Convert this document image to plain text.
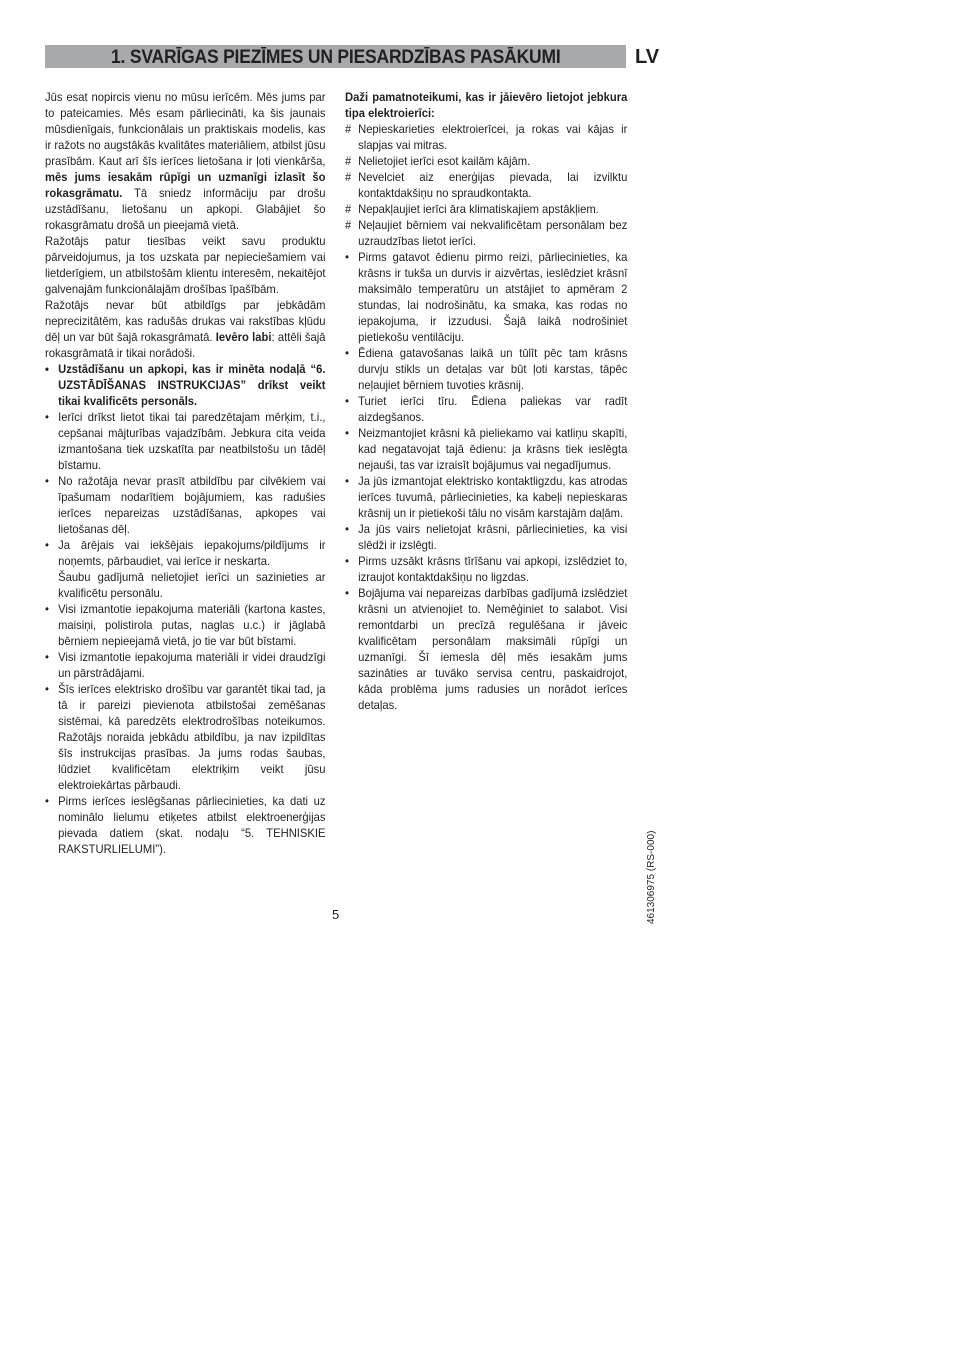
1. SVARĪGAS PIEZĪMES UN PIESARDZĪBAS PASĀKUMI	LV

Jūs esat nopircis vienu no mūsu ierīcēm. Mēs jums par to pateicamies. Mēs esam pārliecināti, ka šis jaunais mūsdienīgais, funkcionālais un praktiskais modelis, kas ir ražots no augstākās kvalitātes materiāliem, atbilst jūsu prasībām. Kaut arī šīs ierīces lietošana ir ļoti vienkārša, mēs jums iesakām rūpīgi un uzmanīgi izlasīt šo rokasgrāmatu. Tā sniedz informāciju par drošu uzstādīšanu, lietošanu un apkopi. Glabājiet šo rokasgrāmatu drošā un pieejamā vietā.

Ražotājs patur tiesības veikt savu produktu pārveidojumus, ja tos uzskata par nepieciešamiem vai lietderīgiem, un atbilstošām klientu interesēm, nekaitējot galvenajām funkcionālajām drošības īpašībām.

Ražotājs nevar būt atbildīgs par jebkādām neprecizitātēm, kas radušās drukas vai rakstības kļūdu dēļ un var būt šajā rokasgrāmatā. Ievēro labi: attēli šajā rokasgrāmatā ir tikai norādoši.

• Uzstādīšanu un apkopi, kas ir minēta nodaļā “6. UZSTĀDĪŠANAS INSTRUKCIJAS” drīkst veikt tikai kvalificēts personāls.
• Ierīci drīkst lietot tikai tai paredzētajam mērķim, t.i., cepšanai mājturības vajadzībām. Jebkura cita veida izmantošana tiek uzskatīta par neatbilstošu un tādēļ bīstamu.
• No ražotāja nevar prasīt atbildību par cilvēkiem vai īpašumam nodarītiem bojājumiem, kas radušies ierīces nepareizas uzstādīšanas, apkopes vai lietošanas dēļ.
• Ja ārējais vai iekšējais iepakojums/pildījums ir noņemts, pārbaudiet, vai ierīce ir neskarta.
Šaubu gadījumā nelietojiet ierīci un sazinieties ar kvalificētu personālu.
• Visi izmantotie iepakojuma materiāli (kartona kastes, maisiņi, polistirola putas, naglas u.c.) ir jāglabā bērniem nepieejamā vietā, jo tie var būt bīstami.
• Visi izmantotie iepakojuma materiāli ir videi draudzīgi un pārstrādājami.
• Šīs ierīces elektrisko drošību var garantēt tikai tad, ja tā ir pareizi pievienota atbilstošai zemēšanas sistēmai, kā paredzēts elektrodrošības noteikumos. Ražotājs noraida jebkādu atbildību, ja nav izpildītas šīs instrukcijas prasības. Ja jums rodas šaubas, lūdziet kvalificētam elektriķim veikt jūsu elektroiekārtas pārbaudi.
• Pirms ierīces ieslēgšanas pārliecinieties, ka dati uz nominālo lielumu etiķetes atbilst elektroenerģijas pievada datiem (skat. nodaļu “5. TEHNISKIE RAKSTURLIELUMI”).

Daži pamatnoteikumi, kas ir jāievēro lietojot jebkura tipa elektroierīci:

# Nepieskarieties elektroierīcei, ja rokas vai kājas ir slapjas vai mitras.
# Nelietojiet ierīci esot kailām kājām.
# Nevelciet aiz enerģijas pievada, lai izvilktu kontaktdakšiņu no spraudkontakta.
# Nepakļaujiet ierīci āra klimatiskajiem apstākļiem.
# Neļaujiet bērniem vai nekvalificētam personālam bez uzraudzības lietot ierīci.
• Pirms gatavot ēdienu pirmo reizi, pārliecinieties, ka krāsns ir tukša un durvis ir aizvērtas, ieslēdziet krāsnī maksimālo temperatūru un atstājiet to apmēram 2 stundas, lai nodrošinātu, ka smaka, kas rodas no iepakojuma, ir izzudusi. Šajā laikā nodrošiniet pietiekošu ventilāciju.
• Ēdiena gatavošanas laikā un tūlīt pēc tam krāsns durvju stikls un detaļas var būt ļoti karstas, tāpēc neļaujiet bērniem tuvoties krāsnij.
• Turiet ierīci tīru. Ēdiena paliekas var radīt aizdegšanos.
• Neizmantojiet krāsni kā pieliekamo vai katliņu skapīti, kad negatavojat tajā ēdienu: ja krāsns tiek ieslēgta nejauši, tas var izraisīt bojājumus vai negadījumus.
• Ja jūs izmantojat elektrisko kontaktligzdu, kas atrodas ierīces tuvumā, pārliecinieties, ka kabeļi nepieskaras krāsnij un ir pietiekoši tālu no visām karstajām daļām.
• Ja jūs vairs nelietojat krāsni, pārliecinieties, ka visi slēdži ir izslēgti.
• Pirms uzsākt krāsns tīrīšanu vai apkopi, izslēdziet to, izraujot kontaktdakšiņu no ligzdas.
• Bojājuma vai nepareizas darbības gadījumā izslēdziet krāsni un atvienojiet to. Nemēģiniet to salabot. Visi remontdarbi un precīzā regulēšana ir jāveic kvalificētam personālam maksimāli rūpīgi un uzmanīgi. Šī iemesla dēļ mēs iesakām jums sazināties ar tuvāko servisa centru, paskaidrojot, kāda problēma jums radusies un norādot ierīces detaļas.
5	461306975 (RS-000)
